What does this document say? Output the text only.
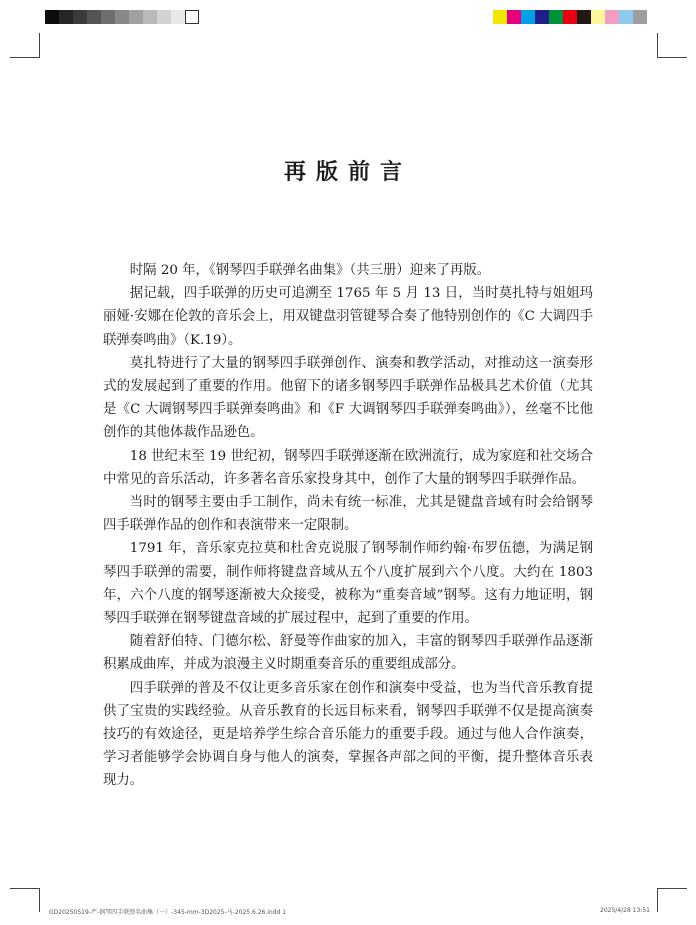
再版前言

时隔 20 年，《钢琴四手联弹名曲集》（共三册）迎来了再版。

据记载，四手联弹的历史可追溯至 1765 年 5 月 13 日，当时莫扎特与姐姐玛丽娅·安娜在伦敦的音乐会上，用双键盘羽管键琴合奏了他特别创作的《C 大调四手联弹奏鸣曲》（K.19）。

莫扎特进行了大量的钢琴四手联弹创作、演奏和教学活动，对推动这一演奏形式的发展起到了重要的作用。他留下的诸多钢琴四手联弹作品极具艺术价值（尤其是《C 大调钢琴四手联弹奏鸣曲》和《F 大调钢琴四手联弹奏鸣曲》），丝毫不比他创作的其他体裁作品逊色。

18 世纪末至 19 世纪初，钢琴四手联弹逐渐在欧洲流行，成为家庭和社交场合中常见的音乐活动，许多著名音乐家投身其中，创作了大量的钢琴四手联弹作品。

当时的钢琴主要由手工制作，尚未有统一标准，尤其是键盘音域有时会给钢琴四手联弹作品的创作和表演带来一定限制。

1791 年，音乐家克拉莫和杜舍克说服了钢琴制作师约翰·布罗伍德，为满足钢琴四手联弹的需要，制作师将键盘音域从五个八度扩展到六个八度。大约在 1803 年，六个八度的钢琴逐渐被大众接受，被称为“重奏音域”钢琴。这有力地证明，钢琴四手联弹在钢琴键盘音域的扩展过程中，起到了重要的作用。

随着舒伯特、门德尔松、舒曼等作曲家的加入，丰富的钢琴四手联弹作品逐渐积累成曲库，并成为浪漫主义时期重奏音乐的重要组成部分。

四手联弹的普及不仅让更多音乐家在创作和演奏中受益，也为当代音乐教育提供了宝贵的实践经验。从音乐教育的长远目标来看，钢琴四手联弹不仅是提高演奏技巧的有效途径，更是培养学生综合音乐能力的重要手段。通过与他人合作演奏，学习者能够学会协调自身与他人的演奏，掌握各声部之间的平衡，提升整体音乐表现力。

GD20250519-严-钢琴四手联弹名曲集（一）-345-mm-3D2025-马-2025.6.26.indd 1	2025/4/28 13:51
